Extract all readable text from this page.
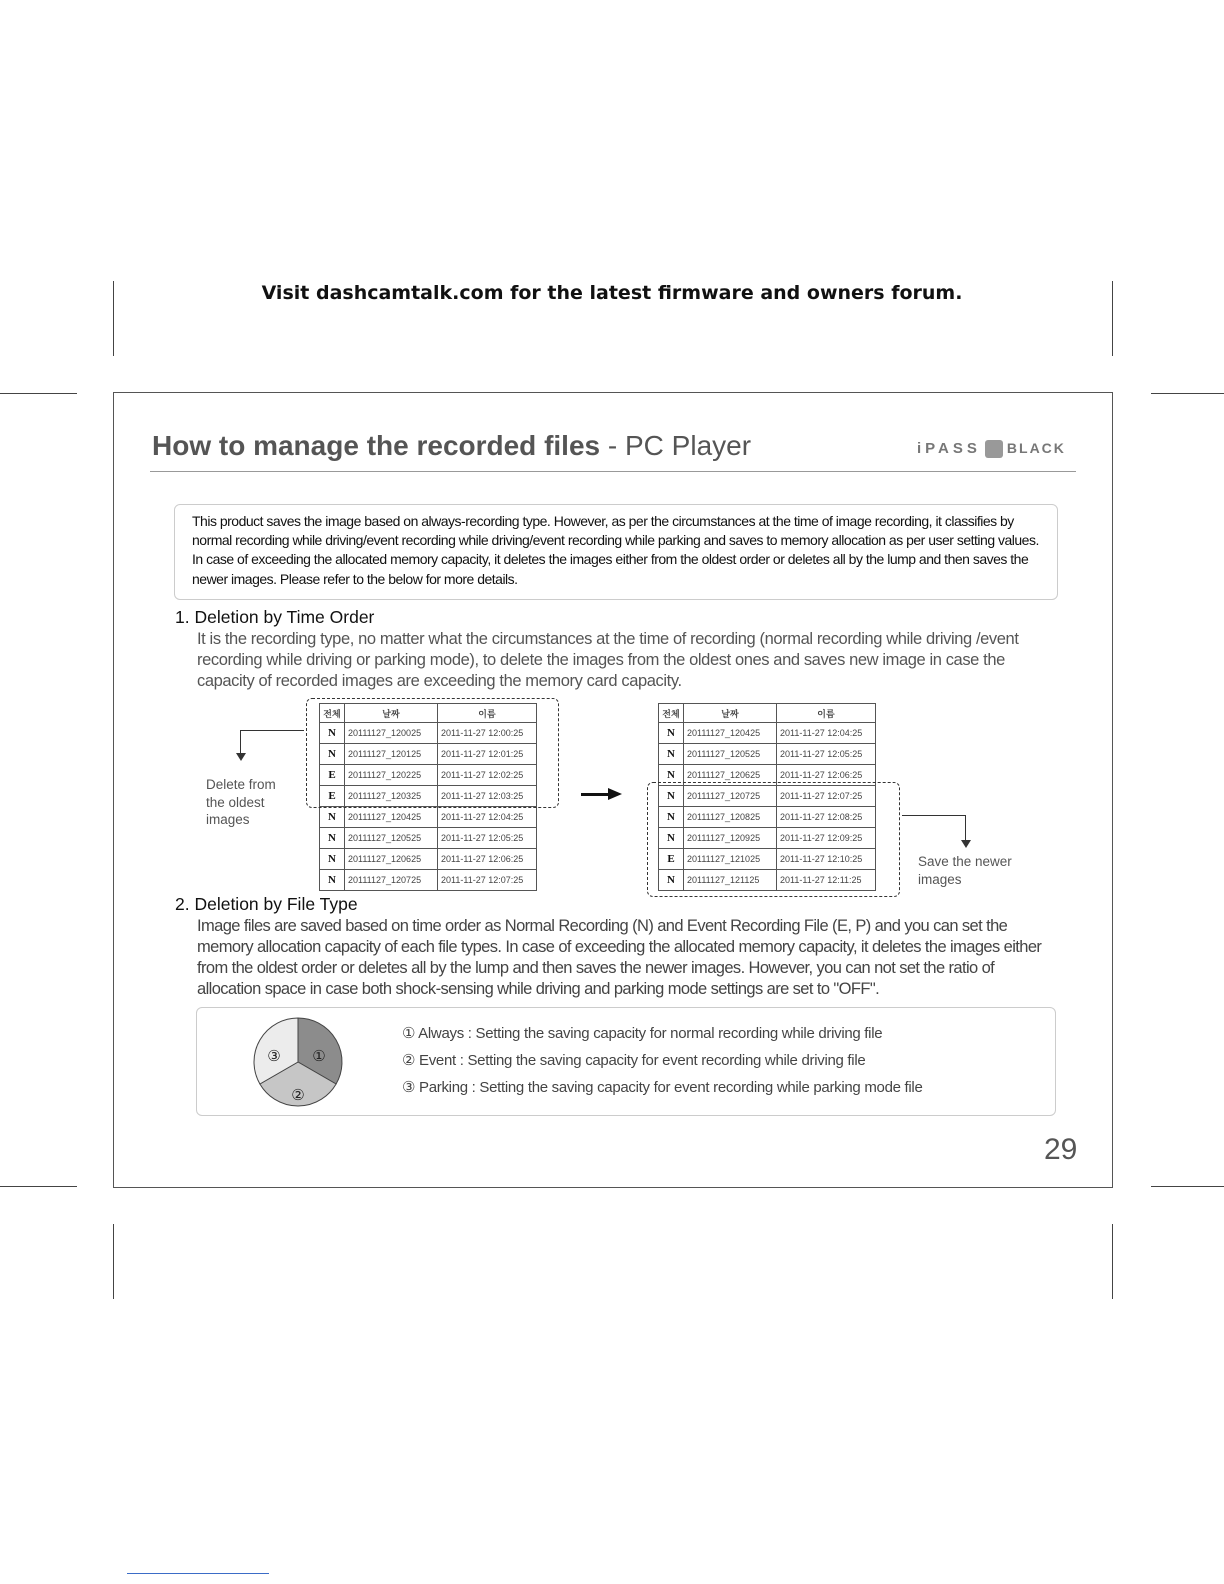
Visit dashcamtalk.com for the latest firmware and owners forum.
How to manage the recorded files - PC Player	iPASS BLACK
This product saves the image based on always-recording type. However, as per the circumstances at the time of image recording, it classifies by normal recording while driving/event recording while driving/event recording while parking and saves to memory allocation as per user setting values. In case of exceeding the allocated memory capacity, it deletes the images either from the oldest order or deletes all by the lump and then saves the newer images. Please refer to the below for more details.
1. Deletion by Time Order
It is the recording type, no matter what the circumstances at the time of recording (normal recording while driving /event recording while driving or parking mode), to delete the images from the oldest ones and saves new image in case the capacity of recorded images are exceeding the memory card capacity.
전체	날짜	이름
N	20111127_120025	2011-11-27 12:00:25
N	20111127_120125	2011-11-27 12:01:25
E	20111127_120225	2011-11-27 12:02:25
E	20111127_120325	2011-11-27 12:03:25
N	20111127_120425	2011-11-27 12:04:25
N	20111127_120525	2011-11-27 12:05:25
N	20111127_120625	2011-11-27 12:06:25
N	20111127_120725	2011-11-27 12:07:25
Delete from the oldest images
전체	날짜	이름
N	20111127_120425	2011-11-27 12:04:25
N	20111127_120525	2011-11-27 12:05:25
N	20111127_120625	2011-11-27 12:06:25
N	20111127_120725	2011-11-27 12:07:25
N	20111127_120825	2011-11-27 12:08:25
N	20111127_120925	2011-11-27 12:09:25
E	20111127_121025	2011-11-27 12:10:25
N	20111127_121125	2011-11-27 12:11:25
Save the newer images
2. Deletion by File Type
Image files are saved based on time order as Normal Recording (N) and Event Recording File (E, P) and you can set the memory allocation capacity of each file types. In case of exceeding the allocated memory capacity, it deletes the images either from the oldest order or deletes all by the lump and then saves the newer images. However, you can not set the ratio of allocation space in case both shock-sensing while driving and parking mode settings are set to "OFF".
①
②
③
① Always : Setting the saving capacity for normal recording while driving file
② Event : Setting the saving capacity for event recording while driving file
③ Parking : Setting the saving capacity for event recording while parking mode file
29
